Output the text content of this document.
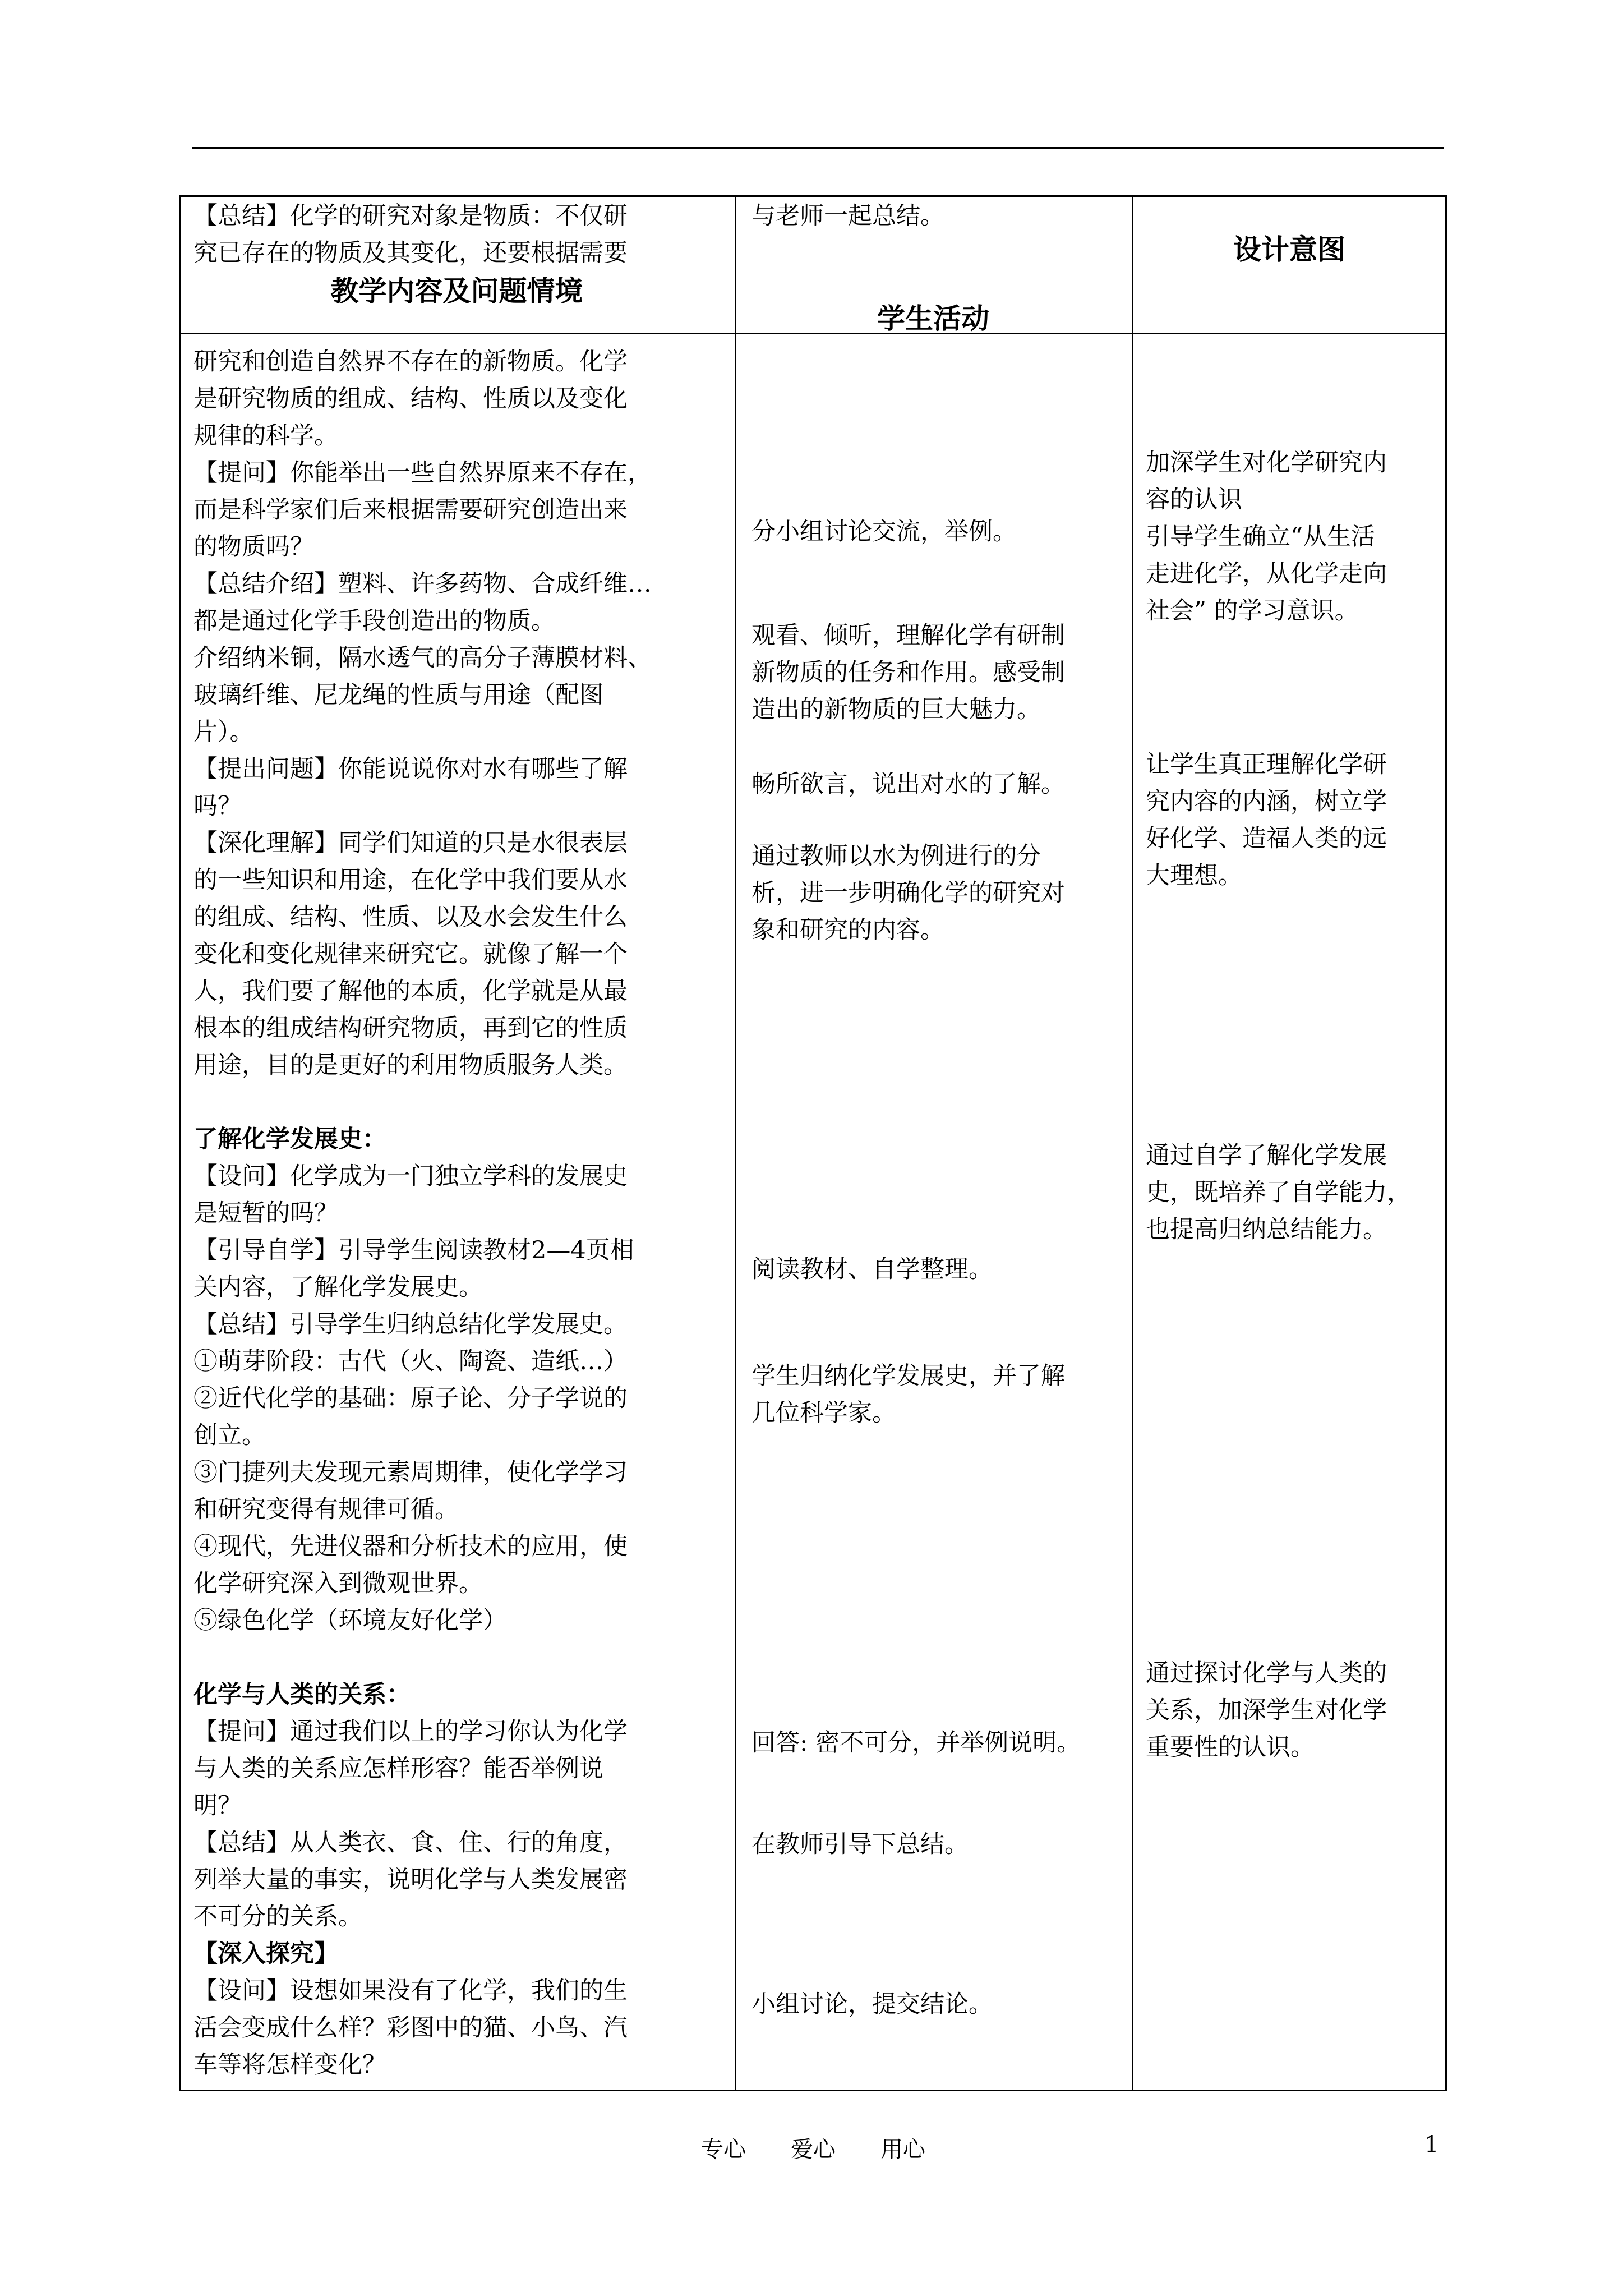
【总结】化学的研究对象是物质：不仅研

究已存在的物质及其变化，还要根据需要

教学内容及问题情境
与老师一起总结。
学生活动
设计意图

研究和创造自然界不存在的新物质。化学

是研究物质的组成、结构、性质以及变化

规律的科学。

【提问】你能举出一些自然界原来不存在，

而是科学家们后来根据需要研究创造出来

的物质吗？

【总结介绍】塑料、许多药物、合成纤维…

都是通过化学手段创造出的物质。

介绍纳米铜，隔水透气的高分子薄膜材料、

玻璃纤维、尼龙绳的性质与用途（配图

片）。

【提出问题】你能说说你对水有哪些了解

吗？

【深化理解】同学们知道的只是水很表层

的一些知识和用途，在化学中我们要从水

的组成、结构、性质、以及水会发生什么

变化和变化规律来研究它。就像了解一个

人，我们要了解他的本质，化学就是从最

根本的组成结构研究物质，再到它的性质

用途，目的是更好的利用物质服务人类。

了解化学发展史：

【设问】化学成为一门独立学科的发展史

是短暂的吗？

【引导自学】引导学生阅读教材2—4页相

关内容，了解化学发展史。

【总结】引导学生归纳总结化学发展史。

①萌芽阶段：古代（火、陶瓷、造纸…）

②近代化学的基础：原子论、分子学说的

创立。

③门捷列夫发现元素周期律，使化学学习

和研究变得有规律可循。

④现代，先进仪器和分析技术的应用，使

化学研究深入到微观世界。

⑤绿色化学（环境友好化学）

化学与人类的关系：

【提问】通过我们以上的学习你认为化学

与人类的关系应怎样形容？能否举例说

明？

【总结】从人类衣、食、住、行的角度，

列举大量的事实，说明化学与人类发展密

不可分的关系。

【深入探究】

【设问】设想如果没有了化学，我们的生

活会变成什么样？彩图中的猫、小鸟、汽

车等将怎样变化？

分小组讨论交流，举例。

观看、倾听，理解化学有研制

新物质的任务和作用。感受制

造出的新物质的巨大魅力。

畅所欲言，说出对水的了解。

通过教师以水为例进行的分

析，进一步明确化学的研究对

象和研究的内容。

阅读教材、自学整理。

学生归纳化学发展史，并了解

几位科学家。

回答: 密不可分，并举例说明。
在教师引导下总结。
小组讨论，提交结论。

加深学生对化学研究内

容的认识

引导学生确立“从生活

走进化学，从化学走向

社会” 的学习意识。

让学生真正理解化学研

究内容的内涵，树立学

好化学、造福人类的远

大理想。

通过自学了解化学发展

史，既培养了自学能力，

也提高归纳总结能力。

通过探讨化学与人类的

关系，加深学生对化学

重要性的认识。

专心 爱心 用心	1
